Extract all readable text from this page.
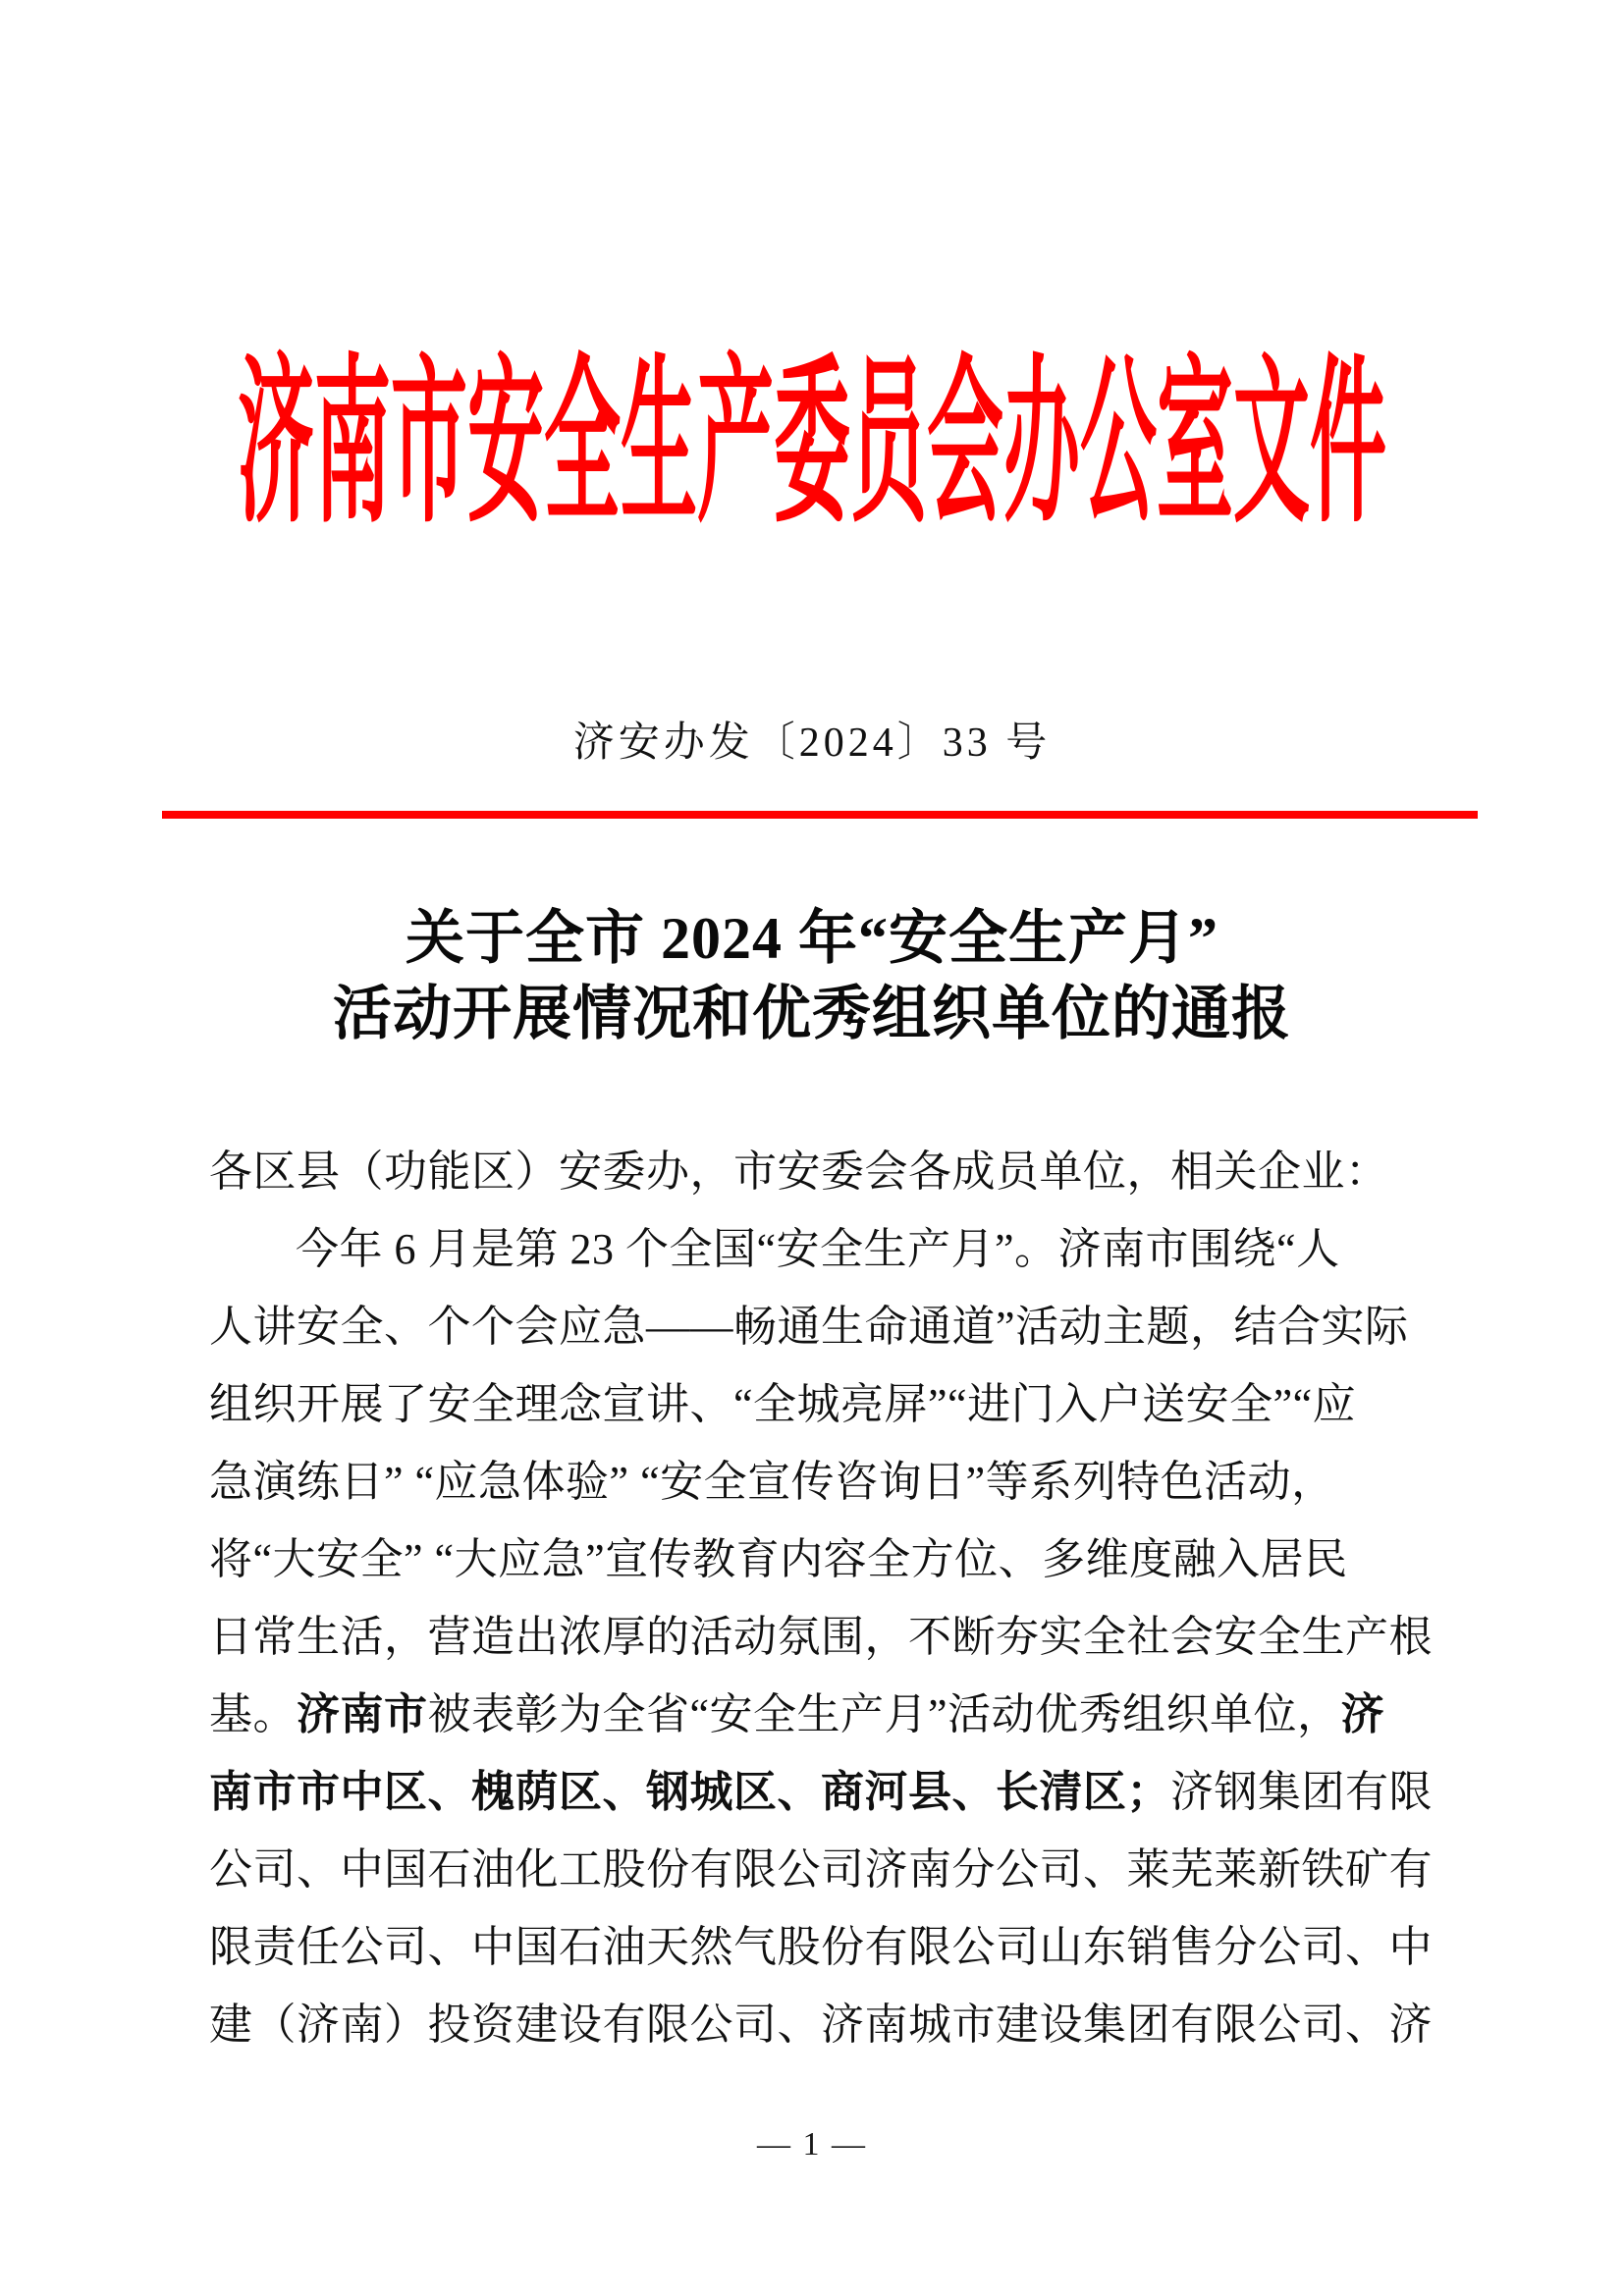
济南市安全生产委员会办公室文件
济安办发〔2024〕33 号
关于全市 2024 年“安全生产月”
活动开展情况和优秀组织单位的通报
各区县（功能区）安委办，市安委会各成员单位，相关企业：
今年 6 月是第 23 个全国“安全生产月”。济南市围绕“人
人讲安全、个个会应急——畅通生命通道”活动主题，结合实际
组织开展了安全理念宣讲、“全城亮屏”“进门入户送安全”“应
急演练日” “应急体验” “安全宣传咨询日”等系列特色活动，
将“大安全” “大应急”宣传教育内容全方位、多维度融入居民
日常生活，营造出浓厚的活动氛围，不断夯实全社会安全生产根
基。济南市被表彰为全省“安全生产月”活动优秀组织单位，济
南市市中区、槐荫区、钢城区、商河县、长清区；济钢集团有限
公司、中国石油化工股份有限公司济南分公司、莱芜莱新铁矿有
限责任公司、中国石油天然气股份有限公司山东销售分公司、中
建（济南）投资建设有限公司、济南城市建设集团有限公司、济
— 1 —
